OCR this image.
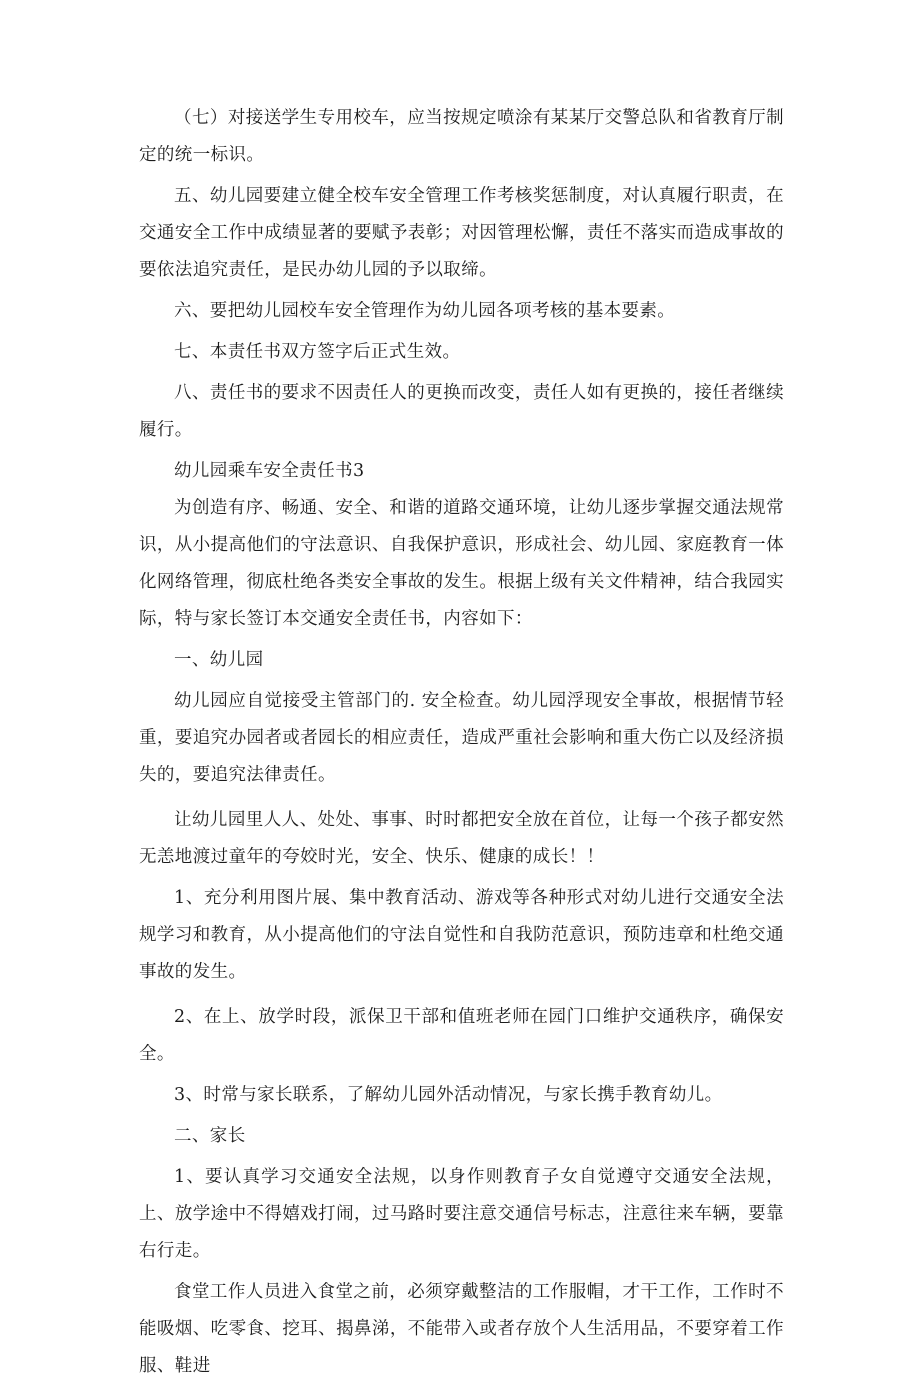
（七）对接送学生专用校车，应当按规定喷涂有某某厅交警总队和省教育厅制定的统一标识。

五、幼儿园要建立健全校车安全管理工作考核奖惩制度，对认真履行职责，在交通安全工作中成绩显著的要赋予表彰；对因管理松懈，责任不落实而造成事故的要依法追究责任，是民办幼儿园的予以取缔。

六、要把幼儿园校车安全管理作为幼儿园各项考核的基本要素。

七、本责任书双方签字后正式生效。

八、责任书的要求不因责任人的更换而改变，责任人如有更换的，接任者继续履行。

幼儿园乘车安全责任书3

为创造有序、畅通、安全、和谐的道路交通环境，让幼儿逐步掌握交通法规常识，从小提高他们的守法意识、自我保护意识，形成社会、幼儿园、家庭教育一体化网络管理，彻底杜绝各类安全事故的发生。根据上级有关文件精神，结合我园实际，特与家长签订本交通安全责任书，内容如下：

一、幼儿园

幼儿园应自觉接受主管部门的. 安全检查。幼儿园浮现安全事故，根据情节轻重，要追究办园者或者园长的相应责任，造成严重社会影响和重大伤亡以及经济损失的，要追究法律责任。

让幼儿园里人人、处处、事事、时时都把安全放在首位，让每一个孩子都安然无恙地渡过童年的夸姣时光，安全、快乐、健康的成长！！

1、充分利用图片展、集中教育活动、游戏等各种形式对幼儿进行交通安全法规学习和教育，从小提高他们的守法自觉性和自我防范意识，预防违章和杜绝交通事故的发生。

2、在上、放学时段，派保卫干部和值班老师在园门口维护交通秩序，确保安全。

3、时常与家长联系，了解幼儿园外活动情况，与家长携手教育幼儿。

二、家长

1、要认真学习交通安全法规，以身作则教育子女自觉遵守交通安全法规，上、放学途中不得嬉戏打闹，过马路时要注意交通信号标志，注意往来车辆，要靠右行走。

食堂工作人员进入食堂之前，必须穿戴整洁的工作服帽，才干工作，工作时不能吸烟、吃零食、挖耳、揭鼻涕，不能带入或者存放个人生活用品，不要穿着工作服、鞋进
